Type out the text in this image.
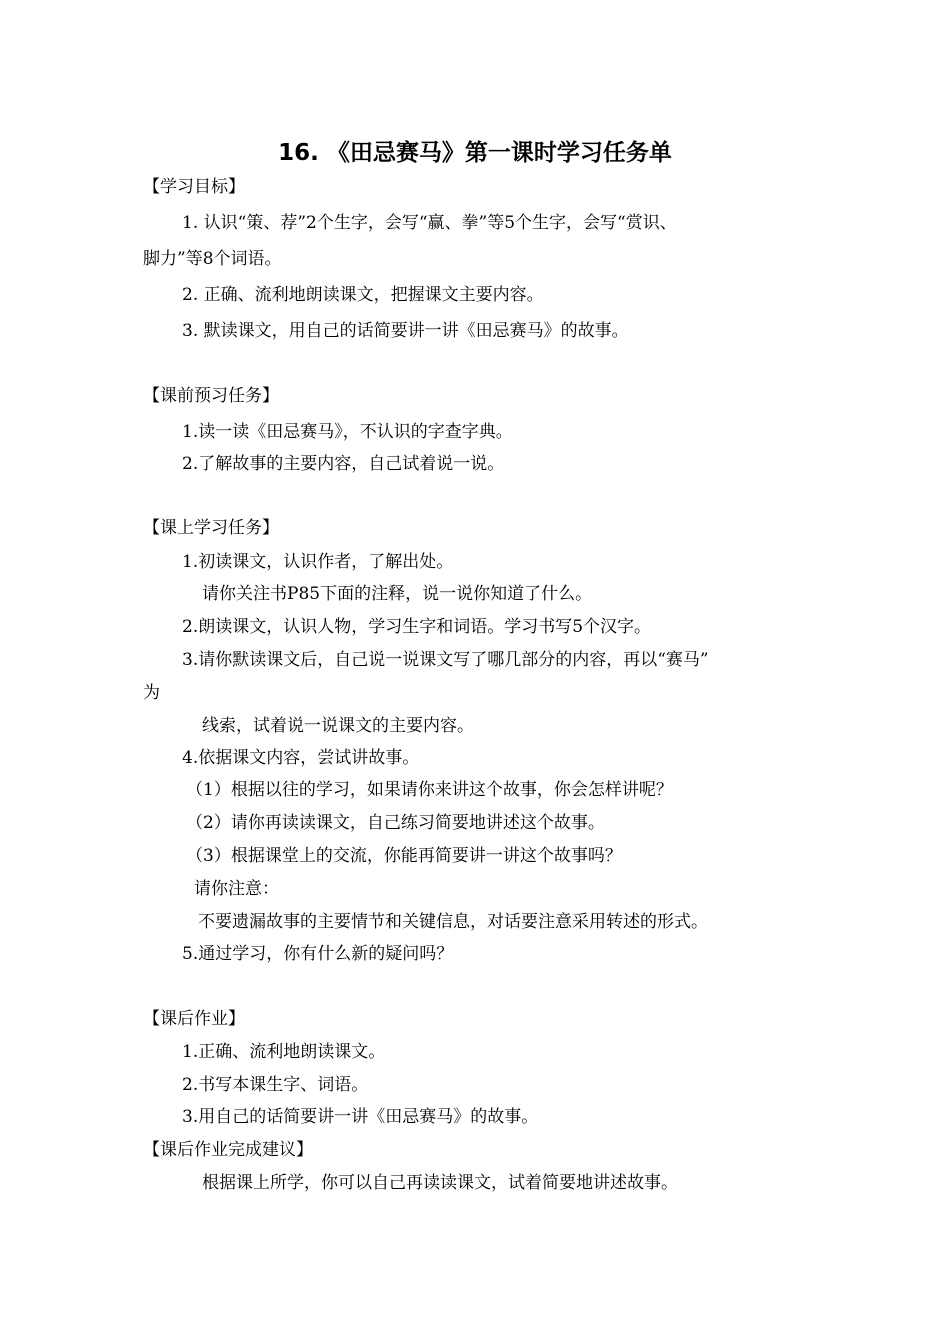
16. 《田忌赛马》第一课时学习任务单
【学习目标】
1. 认识“策、荐”2个生字，会写“赢、拳”等5个生字，会写“赏识、
脚力”等8个词语。
2. 正确、流利地朗读课文，把握课文主要内容。
3. 默读课文，用自己的话简要讲一讲《田忌赛马》的故事。
【课前预习任务】
1.读一读《田忌赛马》，不认识的字查字典。
2.了解故事的主要内容，自己试着说一说。
【课上学习任务】
1.初读课文，认识作者，了解出处。
请你关注书P85下面的注释，说一说你知道了什么。
2.朗读课文，认识人物，学习生字和词语。学习书写5个汉字。
3.请你默读课文后，自己说一说课文写了哪几部分的内容，再以“赛马”
为
线索，试着说一说课文的主要内容。
4.依据课文内容，尝试讲故事。
（1）根据以往的学习，如果请你来讲这个故事，你会怎样讲呢？
（2）请你再读读课文，自己练习简要地讲述这个故事。
（3）根据课堂上的交流，你能再简要讲一讲这个故事吗？
请你注意：
不要遗漏故事的主要情节和关键信息，对话要注意采用转述的形式。
5.通过学习，你有什么新的疑问吗？
【课后作业】
1.正确、流利地朗读课文。
2.书写本课生字、词语。
3.用自己的话简要讲一讲《田忌赛马》的故事。
【课后作业完成建议】
根据课上所学，你可以自己再读读课文，试着简要地讲述故事。
